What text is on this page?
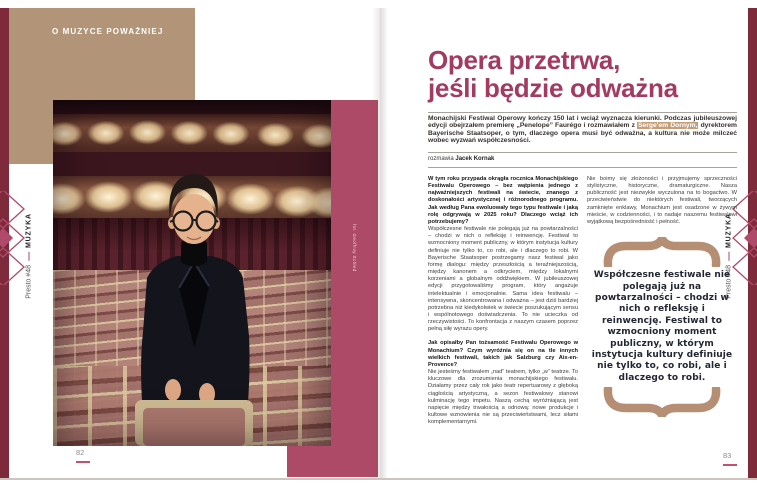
O MUZYCE POWAŻNIEJ
fot. Geoffroy Schied
Presto #48
MUZYKA
Presto #48
MUZYKA
82	83
Opera przetrwa,
jeśli będzie odważna
Monachijski Festiwal Operowy kończy 150 lat i wciąż wyznacza kierunki. Podczas jubileuszowej edycji obejrzałem premierę „Penelope” Faurégo i rozmawiałem z Serge’em Dornym, dyrektorem Bayerische Staatsoper, o tym, dlaczego opera musi być odważna, a kultura nie może milczeć wobec wyzwań współczesności.
rozmawia Jacek Kornak

W tym roku przypada okrągła rocznica Monachijskiego Festiwalu Operowego – bez wątpienia jednego z najważniejszych festiwali na świecie, znanego z doskonałości artystycznej i różnorodnego programu. Jak według Pana ewoluowały tego typu festiwale i jaką rolę odgrywają w 2025 roku? Dlaczego wciąż ich potrzebujemy?

Współczesne festiwale nie polegają już na powtarzalności – chodzi w nich o refleksję i reinwencję. Festiwal to wzmocniony moment publiczny, w którym instytucja kultury definiuje nie tylko to, co robi, ale i dlaczego to robi. W Bayerische Staatsoper postrzegamy nasz festiwal jako formę dialogu: między przeszłością a teraźniejszością, między kanonem a odkryciem, między lokalnymi korzeniami a globalnym oddźwiękiem. W jubileuszowej edycji przygotowaliśmy program, który angażuje intelektualnie i emocjonalnie. Sama idea festiwalu – intensywna, skoncentrowana i odważna – jest dziś bardziej potrzebna niż kiedykolwiek w świecie poszukującym sensu i wspólnotowego doświadczenia. To nie ucieczka od rzeczywistości. To konfrontacja z naszym czasem poprzez pełną siłę wyrazu opery.

Jak opisałby Pan tożsamość Festiwalu Operowego w Monachium? Czym wyróżnia się on na tle innych wielkich festiwali, takich jak Salzburg czy Aix-en-Provence?

Nie jesteśmy festiwalem „nad” teatrem, tylko „w” teatrze. To kluczowe dla zrozumienia monachijskiego festiwalu. Działamy przez cały rok jako teatr repertuarowy z głęboką ciągłością artystyczną, a sezon festiwalowy stanowi kulminację tego impetu. Naszą cechą wyróżniającą jest napięcie między trwałością a odnową: nowe produkcje i kultowe wznowienia nie są przeciwieństwami, lecz siłami komplementarnymi.

Nie boimy się złożoności i przyjmujemy sprzeczności stylistyczne, historyczne, dramaturgiczne. Nasza publiczność jest niezwykle wyczulona na to bogactwo. W przeciwieństwie do niektórych festiwali, tworzących zamknięte enklawy, Monachium jest osadzone w żywym mieście, w codzienności, i to nadaje naszemu festiwalowi wyjątkową bezpośredniość i pełność.

Współczesne festiwale nie polegają już na powtarzalności – chodzi w nich o refleksję i reinwencję. Festiwal to wzmocniony moment publiczny, w którym instytucja kultury definiuje nie tylko to, co robi, ale i dlaczego to robi.
